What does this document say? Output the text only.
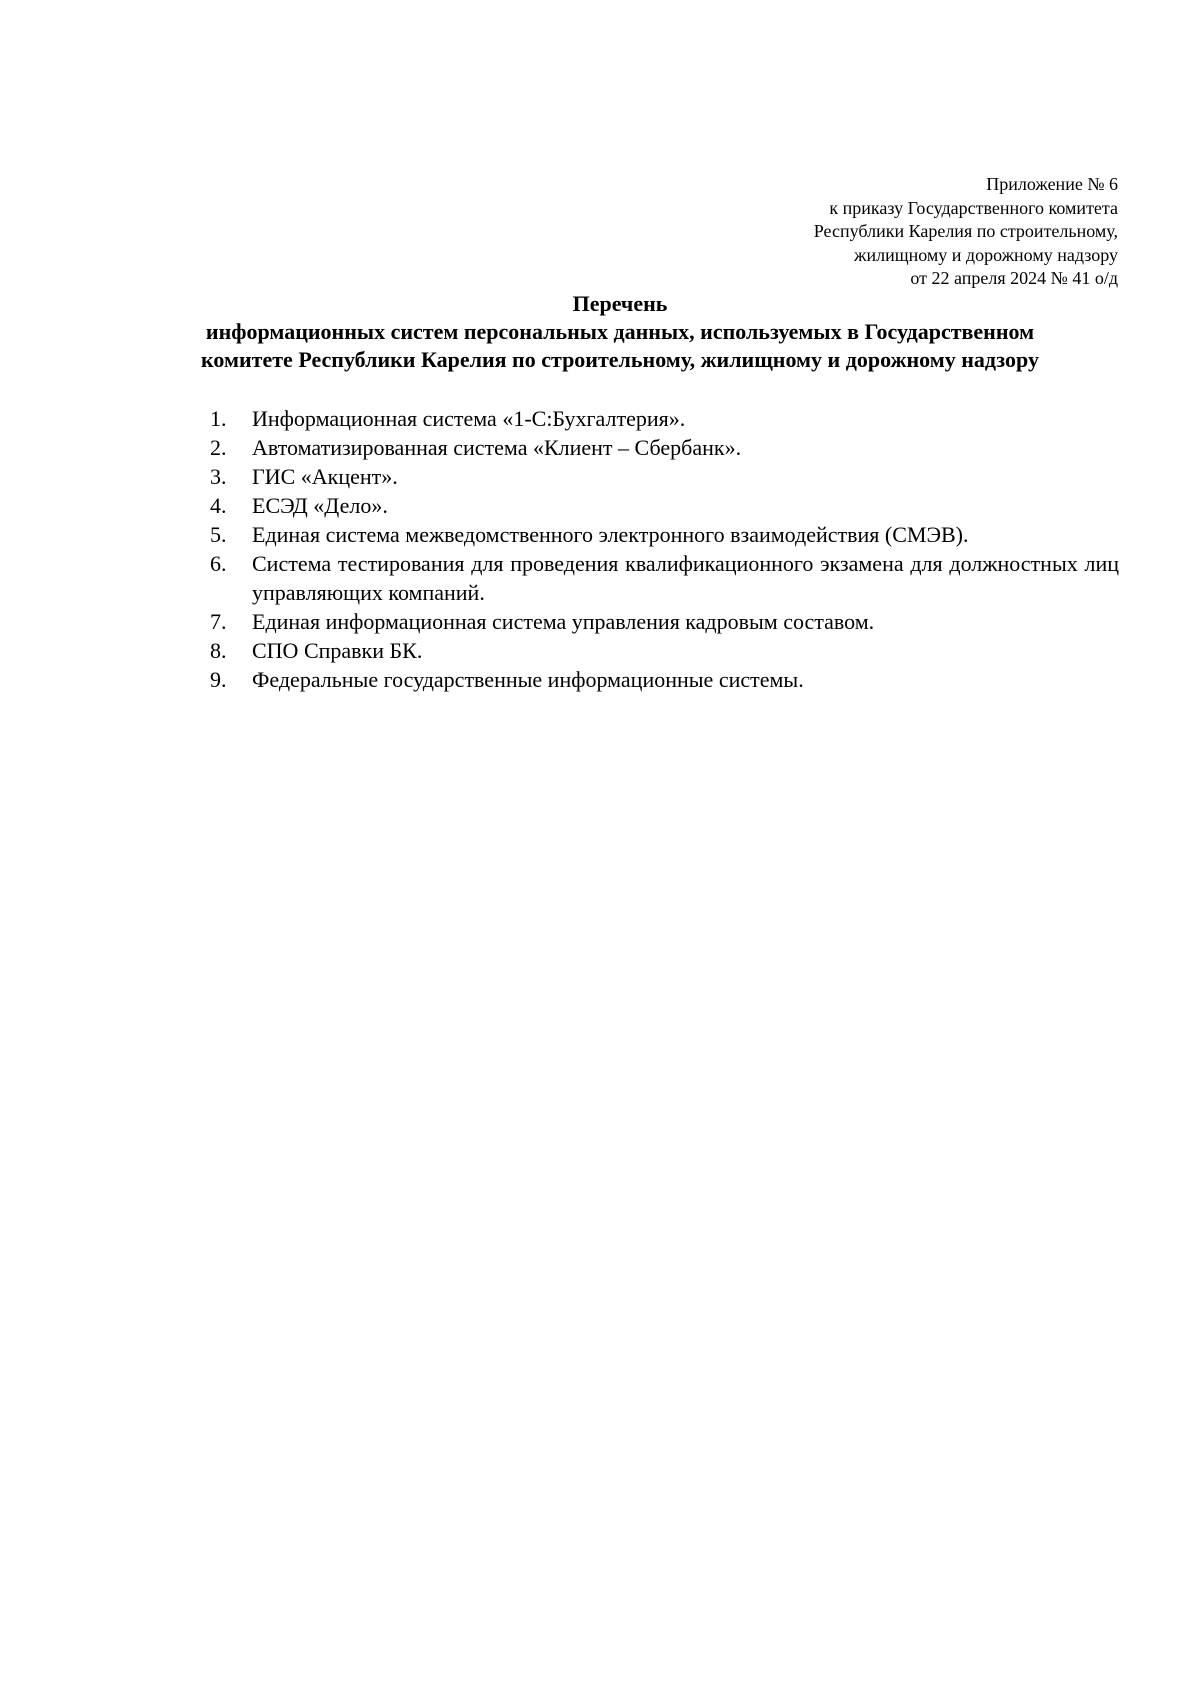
Приложение № 6
к приказу Государственного комитета
Республики Карелия по строительному,
жилищному и дорожному надзору
от 22 апреля 2024 № 41 о/д
Перечень
информационных систем персональных данных, используемых в Государственном
комитете Республики Карелия по строительному, жилищному и дорожному надзору
1.	Информационная система «1-С:Бухгалтерия».
2.	Автоматизированная система «Клиент – Сбербанк».
3.	ГИС «Акцент».
4.	ЕСЭД «Дело».
5.	Единая система межведомственного электронного взаимодействия (СМЭВ).
6.	Система тестирования для проведения квалификационного экзамена для должностных лиц управляющих компаний.
7.	Единая информационная система управления кадровым составом.
8.	СПО Справки БК.
9.	Федеральные государственные информационные системы.
